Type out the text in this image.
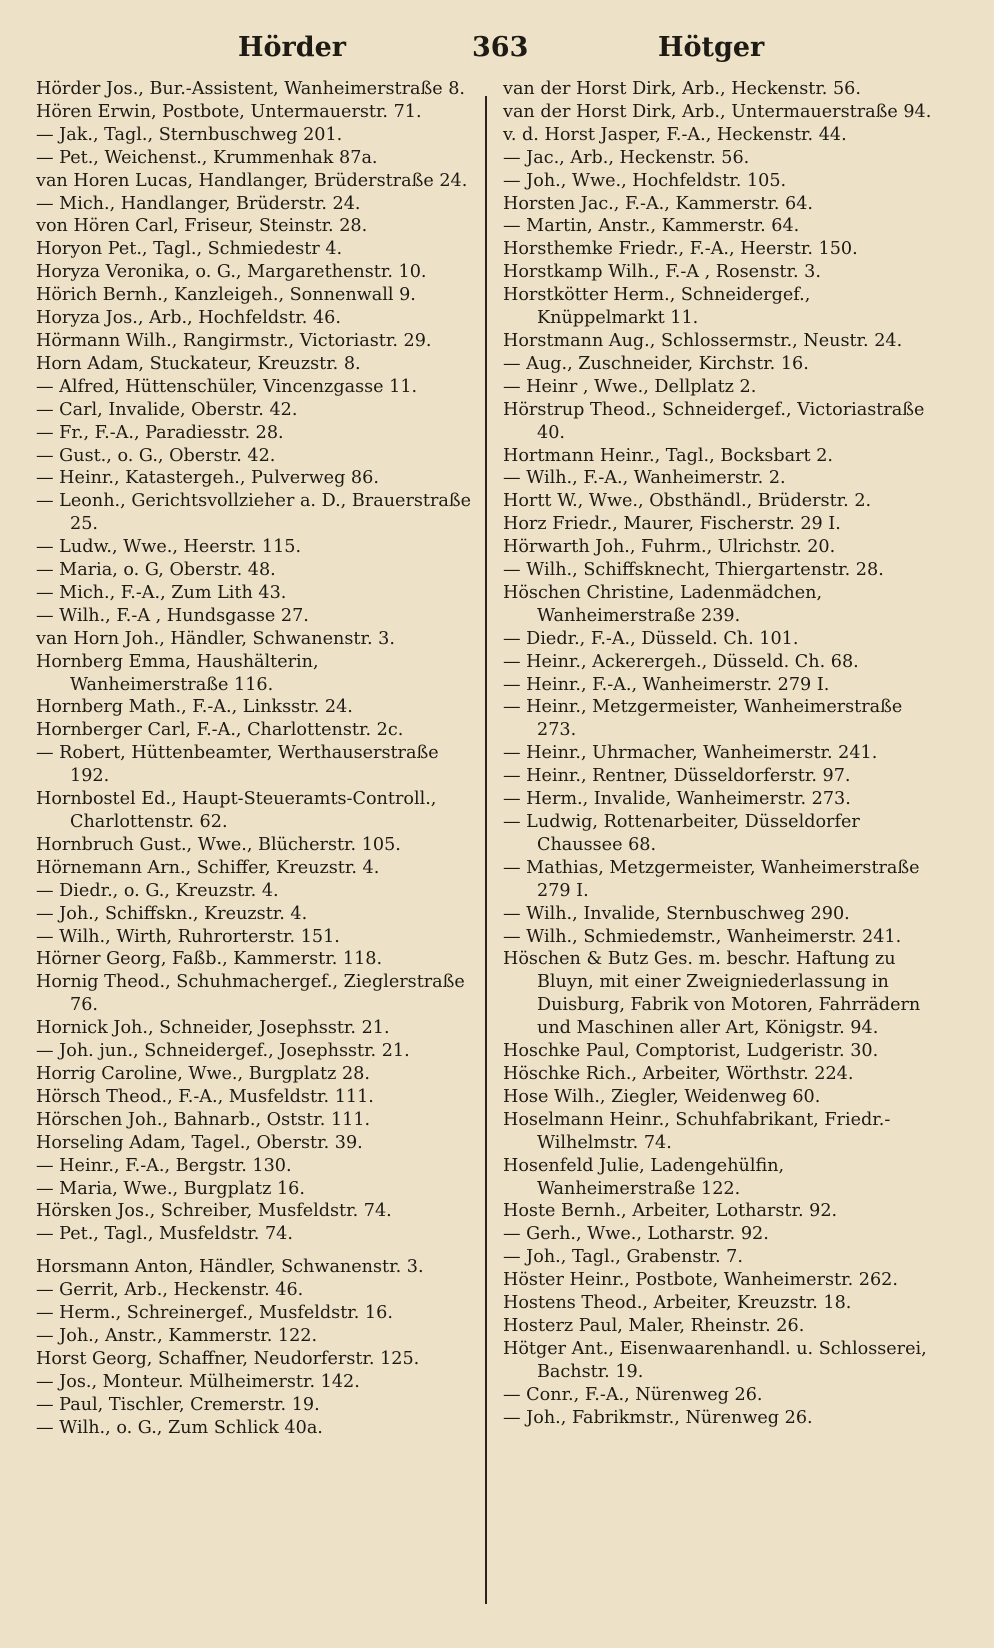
Hörder	363	Hötger
Hörder Jos., Bur.-Assistent, Wanheimerstraße 8.
Hören Erwin, Postbote, Untermauerstr. 71.
— Jak., Tagl., Sternbuschweg 201.
— Pet., Weichenst., Krummenhak 87a.
van Horen Lucas, Handlanger, Brüderstraße 24.
— Mich., Handlanger, Brüderstr. 24.
von Hören Carl, Friseur, Steinstr. 28.
Horyon Pet., Tagl., Schmiedestr 4.
Horyza Veronika, o. G., Margarethenstr. 10.
Hörich Bernh., Kanzleigeh., Sonnenwall 9.
Horyza Jos., Arb., Hochfeldstr. 46.
Hörmann Wilh., Rangirmstr., Victoriastr. 29.
Horn Adam, Stuckateur, Kreuzstr. 8.
— Alfred, Hüttenschüler, Vincenzgasse 11.
— Carl, Invalide, Oberstr. 42.
— Fr., F.-A., Paradiesstr. 28.
— Gust., o. G., Oberstr. 42.
— Heinr., Katastergeh., Pulverweg 86.
— Leonh., Gerichtsvollzieher a. D., Brauerstraße 25.
— Ludw., Wwe., Heerstr. 115.
— Maria, o. G, Oberstr. 48.
— Mich., F.-A., Zum Lith 43.
— Wilh., F.-A , Hundsgasse 27.
van Horn Joh., Händler, Schwanenstr. 3.
Hornberg Emma, Haushälterin, Wanheimerstraße 116.
Hornberg Math., F.-A., Linksstr. 24.
Hornberger Carl, F.-A., Charlottenstr. 2c.
— Robert, Hüttenbeamter, Werthauserstraße 192.
Hornbostel Ed., Haupt-Steueramts-Controll., Charlottenstr. 62.
Hornbruch Gust., Wwe., Blücherstr. 105.
Hörnemann Arn., Schiffer, Kreuzstr. 4.
— Diedr., o. G., Kreuzstr. 4.
— Joh., Schiffskn., Kreuzstr. 4.
— Wilh., Wirth, Ruhrorterstr. 151.
Hörner Georg, Faßb., Kammerstr. 118.
Hornig Theod., Schuhmachergef., Zieglerstraße 76.
Hornick Joh., Schneider, Josephsstr. 21.
— Joh. jun., Schneidergef., Josephsstr. 21.
Horrig Caroline, Wwe., Burgplatz 28.
Hörsch Theod., F.-A., Musfeldstr. 111.
Hörschen Joh., Bahnarb., Oststr. 111.
Horseling Adam, Tagel., Oberstr. 39.
— Heinr., F.-A., Bergstr. 130.
— Maria, Wwe., Burgplatz 16.
Hörsken Jos., Schreiber, Musfeldstr. 74.
— Pet., Tagl., Musfeldstr. 74.
Horsmann Anton, Händler, Schwanenstr. 3.
— Gerrit, Arb., Heckenstr. 46.
— Herm., Schreinergef., Musfeldstr. 16.
— Joh., Anstr., Kammerstr. 122.
Horst Georg, Schaffner, Neudorferstr. 125.
— Jos., Monteur. Mülheimerstr. 142.
— Paul, Tischler, Cremerstr. 19.
— Wilh., o. G., Zum Schlick 40a.
van der Horst Dirk, Arb., Heckenstr. 56.
van der Horst Dirk, Arb., Untermauerstraße 94.
v. d. Horst Jasper, F.-A., Heckenstr. 44.
— Jac., Arb., Heckenstr. 56.
— Joh., Wwe., Hochfeldstr. 105.
Horsten Jac., F.-A., Kammerstr. 64.
— Martin, Anstr., Kammerstr. 64.
Horsthemke Friedr., F.-A., Heerstr. 150.
Horstkamp Wilh., F.-A , Rosenstr. 3.
Horstkötter Herm., Schneidergef., Knüppelmarkt 11.
Horstmann Aug., Schlossermstr., Neustr. 24.
— Aug., Zuschneider, Kirchstr. 16.
— Heinr , Wwe., Dellplatz 2.
Hörstrup Theod., Schneidergef., Victoriastraße 40.
Hortmann Heinr., Tagl., Bocksbart 2.
— Wilh., F.-A., Wanheimerstr. 2.
Hortt W., Wwe., Obsthändl., Brüderstr. 2.
Horz Friedr., Maurer, Fischerstr. 29 I.
Hörwarth Joh., Fuhrm., Ulrichstr. 20.
— Wilh., Schiffsknecht, Thiergartenstr. 28.
Höschen Christine, Ladenmädchen, Wanheimerstraße 239.
— Diedr., F.-A., Düsseld. Ch. 101.
— Heinr., Ackerergeh., Düsseld. Ch. 68.
— Heinr., F.-A., Wanheimerstr. 279 I.
— Heinr., Metzgermeister, Wanheimerstraße 273.
— Heinr., Uhrmacher, Wanheimerstr. 241.
— Heinr., Rentner, Düsseldorferstr. 97.
— Herm., Invalide, Wanheimerstr. 273.
— Ludwig, Rottenarbeiter, Düsseldorfer Chaussee 68.
— Mathias, Metzgermeister, Wanheimerstraße 279 I.
— Wilh., Invalide, Sternbuschweg 290.
— Wilh., Schmiedemstr., Wanheimerstr. 241.
Höschen & Butz Ges. m. beschr. Haftung zu Bluyn, mit einer Zweigniederlassung in Duisburg, Fabrik von Motoren, Fahrrädern und Maschinen aller Art, Königstr. 94.
Hoschke Paul, Comptorist, Ludgeristr. 30.
Höschke Rich., Arbeiter, Wörthstr. 224.
Hose Wilh., Ziegler, Weidenweg 60.
Hoselmann Heinr., Schuhfabrikant, Friedr.-Wilhelmstr. 74.
Hosenfeld Julie, Ladengehülfin, Wanheimerstraße 122.
Hoste Bernh., Arbeiter, Lotharstr. 92.
— Gerh., Wwe., Lotharstr. 92.
— Joh., Tagl., Grabenstr. 7.
Höster Heinr., Postbote, Wanheimerstr. 262.
Hostens Theod., Arbeiter, Kreuzstr. 18.
Hosterz Paul, Maler, Rheinstr. 26.
Hötger Ant., Eisenwaarenhandl. u. Schlosserei, Bachstr. 19.
— Conr., F.-A., Nürenweg 26.
— Joh., Fabrikmstr., Nürenweg 26.
